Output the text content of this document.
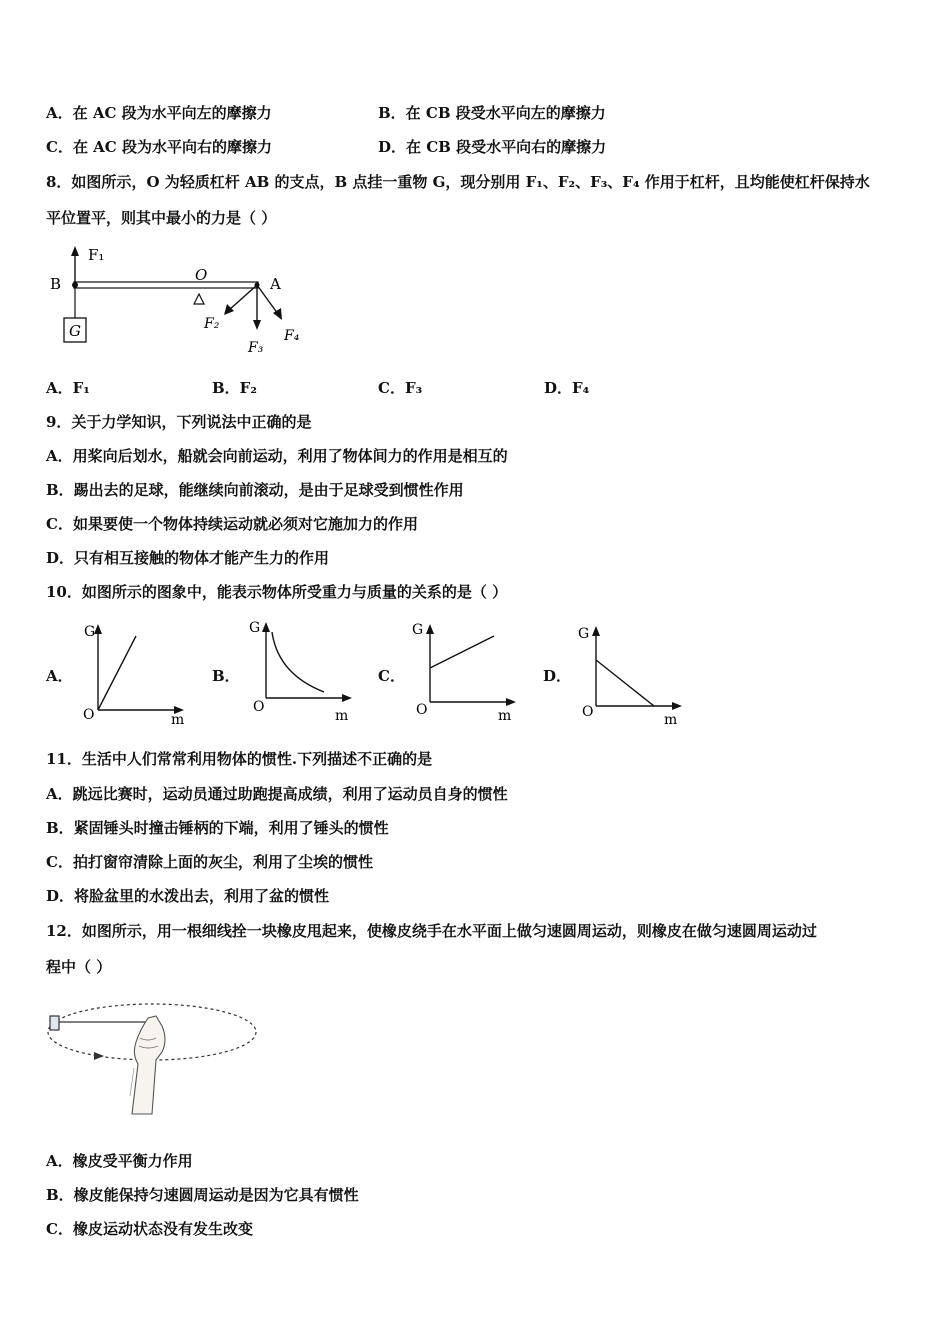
A．在 AC 段为水平向左的摩擦力	B．在 CB 段受水平向左的摩擦力
C．在 AC 段为水平向右的摩擦力	D．在 CB 段受水平向右的摩擦力
8．如图所示，O 为轻质杠杆 AB 的支点，B 点挂一重物 G，现分别用 F₁、F₂、F₃、F₄ 作用于杠杆，且均能使杠杆保持水
平位置平，则其中最小的力是（ ）
B	A
O
F₁
G	F₂
F₃
F₄
A．F₁	B．F₂	C．F₃	D．F₄
9．关于力学知识，下列说法中正确的是
A．用桨向后划水，船就会向前运动，利用了物体间力的作用是相互的
B．踢出去的足球，能继续向前滚动，是由于足球受到惯性作用
C．如果要使一个物体持续运动就必须对它施加力的作用
D．只有相互接触的物体才能产生力的作用
10．如图所示的图象中，能表示物体所受重力与质量的关系的是（ ）
A．
G
m
O
B．
G
m
O
C．
G
m
O
D．
G
m
O
11．生活中人们常常利用物体的惯性.下列描述不正确的是
A．跳远比赛时，运动员通过助跑提高成绩，利用了运动员自身的惯性
B．紧固锤头时撞击锤柄的下端，利用了锤头的惯性
C．拍打窗帘清除上面的灰尘，利用了尘埃的惯性
D．将脸盆里的水泼出去，利用了盆的惯性
12．如图所示，用一根细线拴一块橡皮甩起来，使橡皮绕手在水平面上做匀速圆周运动，则橡皮在做匀速圆周运动过
程中（ ）
A．橡皮受平衡力作用
B．橡皮能保持匀速圆周运动是因为它具有惯性
C．橡皮运动状态没有发生改变
